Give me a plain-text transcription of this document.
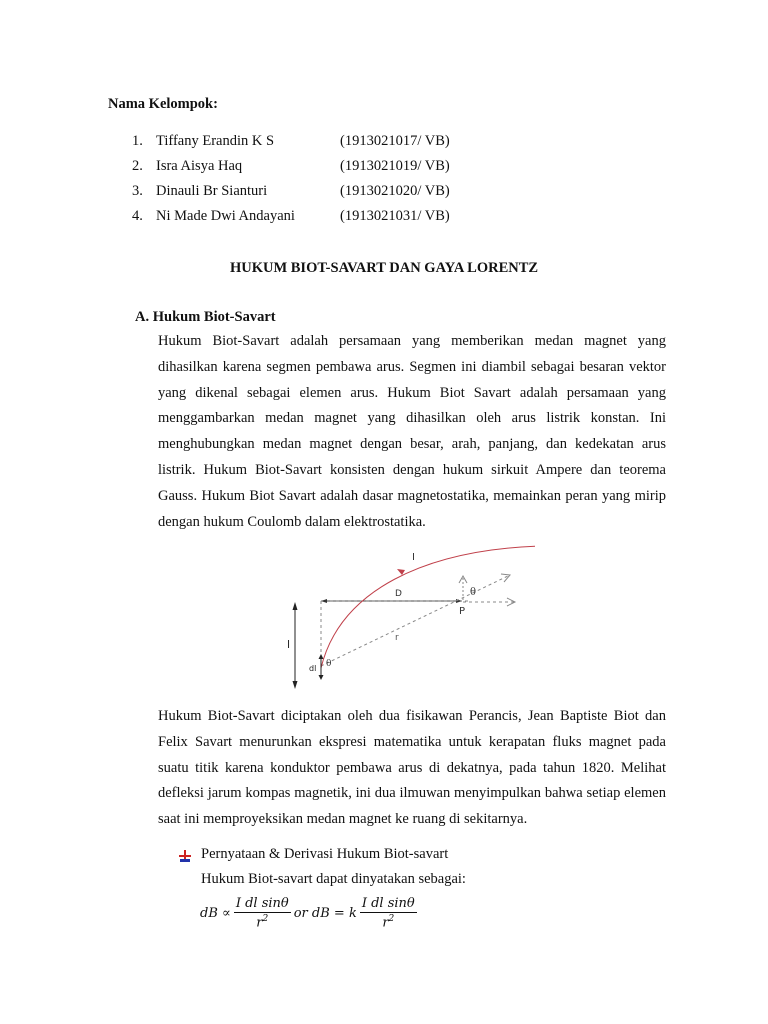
Nama Kelompok:
1. Tiffany Erandin K S	(1913021017/ VB)
2. Isra Aisya Haq	(1913021019/ VB)
3. Dinauli Br Sianturi	(1913021020/ VB)
4. Ni Made Dwi Andayani	(1913021031/ VB)
HUKUM BIOT-SAVART DAN GAYA LORENTZ
A. Hukum Biot-Savart
Hukum Biot-Savart adalah persamaan yang memberikan medan magnet yang dihasilkan karena segmen pembawa arus. Segmen ini diambil sebagai besaran vektor yang dikenal sebagai elemen arus. Hukum Biot Savart adalah persamaan yang menggambarkan medan magnet yang dihasilkan oleh arus listrik konstan. Ini menghubungkan medan magnet dengan besar, arah, panjang, dan kedekatan arus listrik. Hukum Biot-Savart konsisten dengan hukum sirkuit Ampere dan teorema Gauss. Hukum Biot Savart adalah dasar magnetostatika, memainkan peran yang mirip dengan hukum Coulomb dalam elektrostatika.
l
D
r
P
θ
I
dl θ
Hukum Biot-Savart diciptakan oleh dua fisikawan Perancis, Jean Baptiste Biot dan Felix Savart menurunkan ekspresi matematika untuk kerapatan fluks magnet pada suatu titik karena konduktor pembawa arus di dekatnya, pada tahun 1820. Melihat defleksi jarum kompas magnetik, ini dua ilmuwan menyimpulkan bahwa setiap elemen saat ini memproyeksikan medan magnet ke ruang di sekitarnya.
Pernyataan & Derivasi Hukum Biot-savart
Hukum Biot-savart dapat dinyatakan sebagai:
dB ∝ $\frac{\text{I dl sinθ}}{r^2}$ or dB = k $\frac{\text{I dl sinθ}}{r^2}$
